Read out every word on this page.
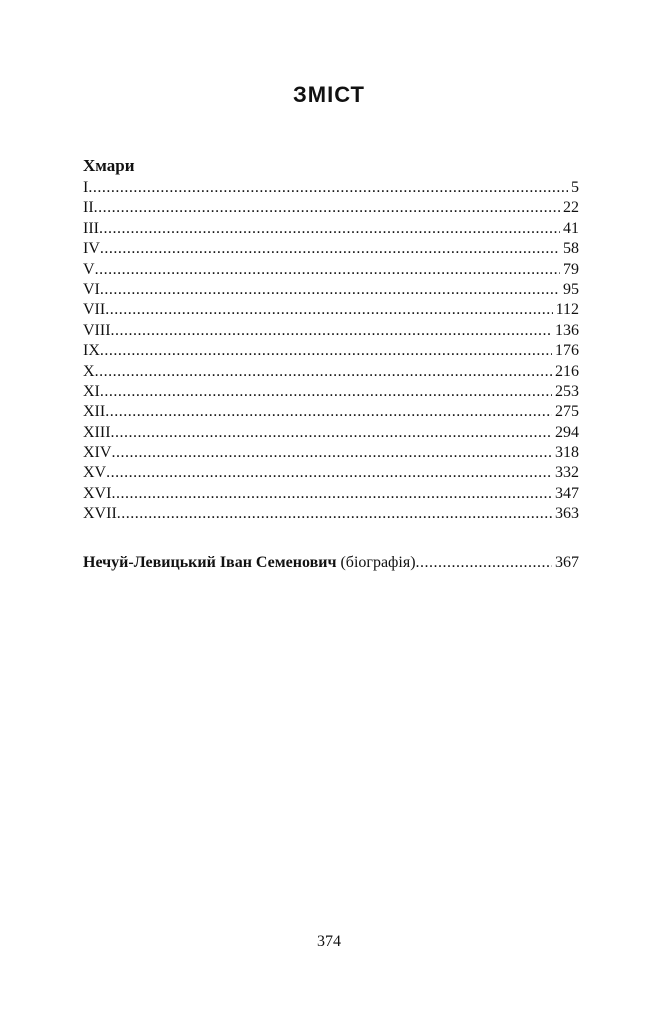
ЗМІСТ
Хмари
I .....	5
II .....	22
III .....	41
IV .....	58
V .....	79
VI .....	95
VII .....	112
VIII .....	136
IX .....	176
X .....	216
XI .....	253
XII .....	275
XIII .....	294
XIV .....	318
XV .....	332
XVI .....	347
XVII .....	363
Нечуй-Левицький Іван Семенович (біографія) .....	367
374
